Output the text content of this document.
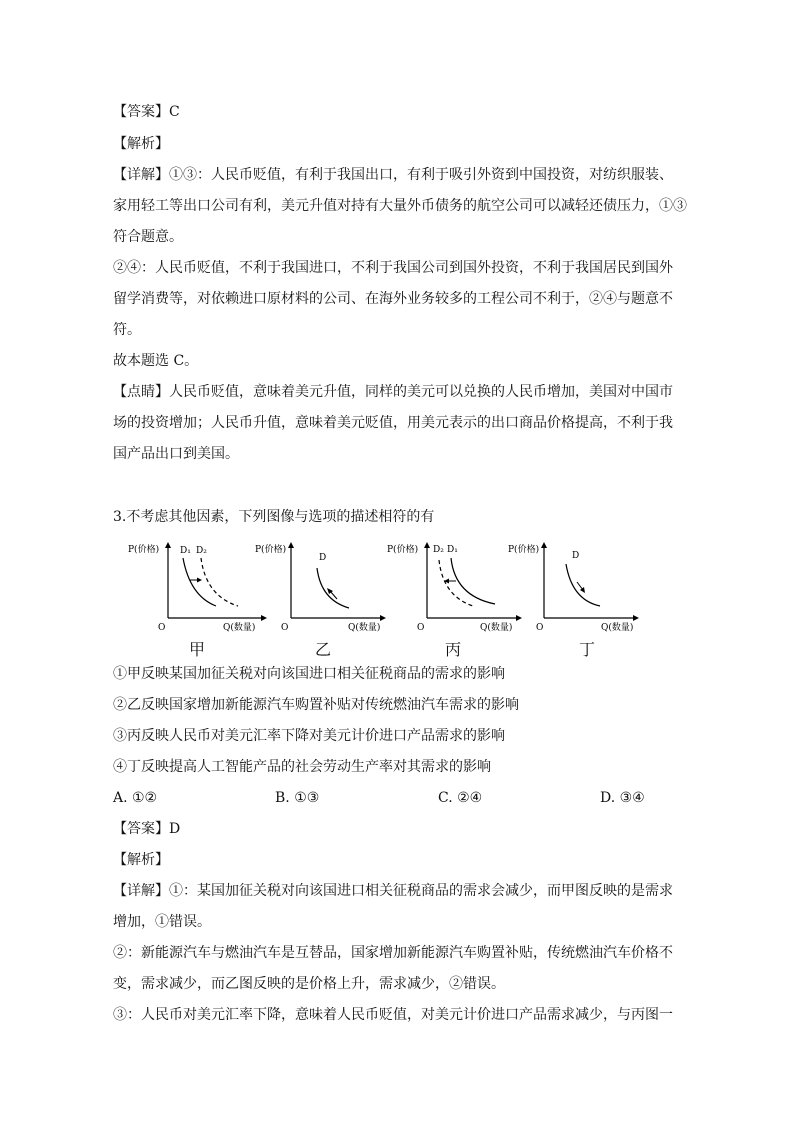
【答案】C
【解析】
【详解】①③：人民币贬值，有利于我国出口，有利于吸引外资到中国投资，对纺织服装、
家用轻工等出口公司有利，美元升值对持有大量外币债务的航空公司可以减轻还债压力，①③
符合题意。
②④：人民币贬值，不利于我国进口，不利于我国公司到国外投资，不利于我国居民到国外
留学消费等，对依赖进口原材料的公司、在海外业务较多的工程公司不利于，②④与题意不
符。
故本题选 C。
【点睛】人民币贬值，意味着美元升值，同样的美元可以兑换的人民币增加，美国对中国市
场的投资增加；人民币升值，意味着美元贬值，用美元表示的出口商品价格提高，不利于我
国产品出口到美国。
3.不考虑其他因素，下列图像与选项的描述相符的有
P(价格)
O	Q(数量)
D₁ D₂
甲
P(价格)
O	Q(数量)
D
乙
P(价格)
O	Q(数量)
D₂ D₁
丙
P(价格)
O	Q(数量)
D
丁
①甲反映某国加征关税对向该国进口相关征税商品的需求的影响
②乙反映国家增加新能源汽车购置补贴对传统燃油汽车需求的影响
③丙反映人民币对美元汇率下降对美元计价进口产品需求的影响
④丁反映提高人工智能产品的社会劳动生产率对其需求的影响
A. ①②	B. ①③	C. ②④	D. ③④
【答案】D
【解析】
【详解】①：某国加征关税对向该国进口相关征税商品的需求会减少，而甲图反映的是需求
增加，①错误。
②：新能源汽车与燃油汽车是互替品，国家增加新能源汽车购置补贴，传统燃油汽车价格不
变，需求减少，而乙图反映的是价格上升，需求减少，②错误。
③：人民币对美元汇率下降，意味着人民币贬值，对美元计价进口产品需求减少，与丙图一
